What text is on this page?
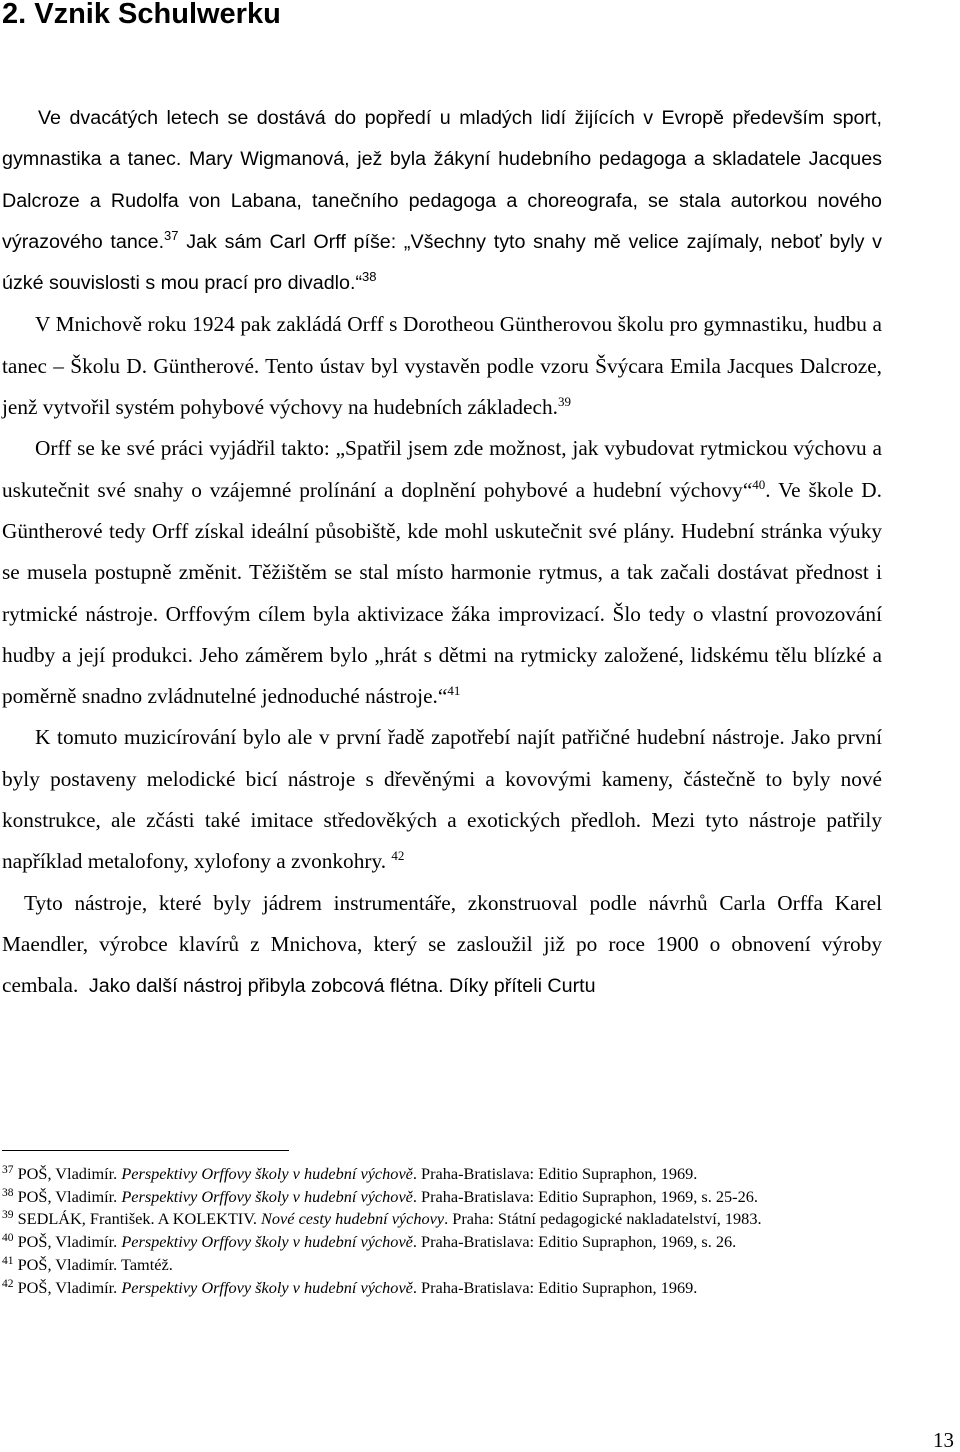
2. Vznik Schulwerku

Ve dvacátých letech se dostává do popředí u mladých lidí žijících v Evropě především sport, gymnastika a tanec. Mary Wigmanová, jež byla žákyní hudebního pedagoga a skladatele Jacques Dalcroze a Rudolfa von Labana, tanečního pedagoga a choreografa, se stala autorkou nového výrazového tance.$^{37}$ Jak sám Carl Orff píše: „Všechny tyto snahy mě velice zajímaly, neboť byly v úzké souvislosti s mou prací pro divadlo.“$^{38}$

V Mnichově roku 1924 pak zakládá Orff s Dorotheou Güntherovou školu pro gymnastiku, hudbu a tanec – Školu D. Güntherové. Tento ústav byl vystavěn podle vzoru Švýcara Emila Jacques Dalcroze, jenž vytvořil systém pohybové výchovy na hudebních základech.$^{39}$

Orff se ke své práci vyjádřil takto: „Spatřil jsem zde možnost, jak vybudovat rytmickou výchovu a uskutečnit své snahy o vzájemné prolínání a doplnění pohybové a hudební výchovy“$^{40}$. Ve škole D. Güntherové tedy Orff získal ideální působiště, kde mohl uskutečnit své plány. Hudební stránka výuky se musela postupně změnit. Těžištěm se stal místo harmonie rytmus, a tak začali dostávat přednost i rytmické nástroje. Orffovým cílem byla aktivizace žáka improvizací. Šlo tedy o vlastní provozování hudby a její produkci. Jeho záměrem bylo „hrát s dětmi na rytmicky založené, lidskému tělu blízké a poměrně snadno zvládnutelné jednoduché nástroje.“$^{41}$

K tomuto muzicírování bylo ale v první řadě zapotřebí najít patřičné hudební nástroje. Jako první byly postaveny melodické bicí nástroje s dřevěnými a kovovými kameny, částečně to byly nové konstrukce, ale zčásti také imitace středověkých a exotických předloh. Mezi tyto nástroje patřily například metalofony, xylofony a zvonkohry. $^{42}$

Tyto nástroje, které byly jádrem instrumentáře, zkonstruoval podle návrhů Carla Orffa Karel Maendler, výrobce klavírů z Mnichova, který se zasloužil již po roce 1900 o obnovení výroby cembala. Jako další nástroj přibyla zobcová flétna. Díky příteli Curtu

$^{37}$ POŠ, Vladimír. Perspektivy Orffovy školy v hudební výchově. Praha-Bratislava: Editio Supraphon, 1969.

$^{38}$ POŠ, Vladimír. Perspektivy Orffovy školy v hudební výchově. Praha-Bratislava: Editio Supraphon, 1969, s. 25-26.

$^{39}$ SEDLÁK, František. A KOLEKTIV. Nové cesty hudební výchovy. Praha: Státní pedagogické nakladatelství, 1983.

$^{40}$ POŠ, Vladimír. Perspektivy Orffovy školy v hudební výchově. Praha-Bratislava: Editio Supraphon, 1969, s. 26.

$^{41}$ POŠ, Vladimír. Tamtéž.

$^{42}$ POŠ, Vladimír. Perspektivy Orffovy školy v hudební výchově. Praha-Bratislava: Editio Supraphon, 1969.

13
